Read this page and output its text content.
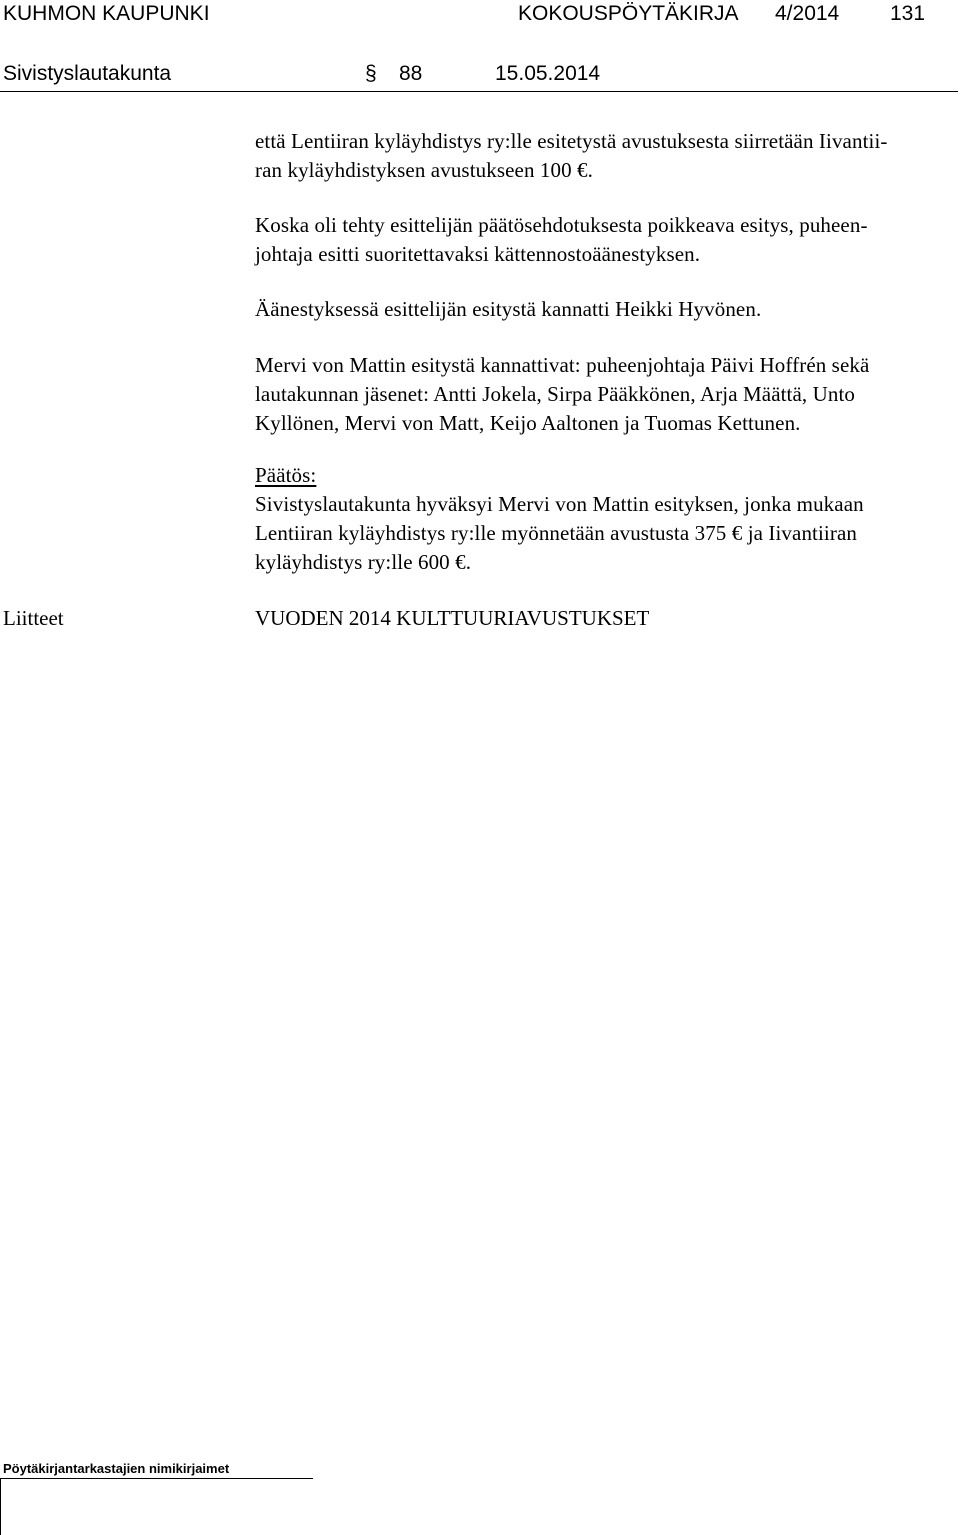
KUHMON KAUPUNKI	KOKOUSPÖYTÄKIRJA 4/2014 131
Sivistyslautakunta	§ 88	15.05.2014
että Lentiiran kyläyhdistys ry:lle esitetystä avustuksesta siirretään Iivantii-
ran kyläyhdistyksen avustukseen 100 €.
Koska oli tehty esittelijän päätösehdotuksesta poikkeava esitys, puheen-
johtaja esitti suoritettavaksi kättennostoäänestyksen.
Äänestyksessä esittelijän esitystä kannatti Heikki Hyvönen.
Mervi von Mattin esitystä kannattivat: puheenjohtaja Päivi Hoffrén sekä
lautakunnan jäsenet: Antti Jokela, Sirpa Pääkkönen, Arja Määttä, Unto
Kyllönen, Mervi von Matt, Keijo Aaltonen ja Tuomas Kettunen.
Päätös:
Sivistyslautakunta hyväksyi Mervi von Mattin esityksen, jonka mukaan
Lentiiran kyläyhdistys ry:lle myönnetään avustusta 375 € ja Iivantiiran
kyläyhdistys ry:lle 600 €.
Liitteet	VUODEN 2014 KULTTUURIAVUSTUKSET
Pöytäkirjantarkastajien nimikirjaimet
